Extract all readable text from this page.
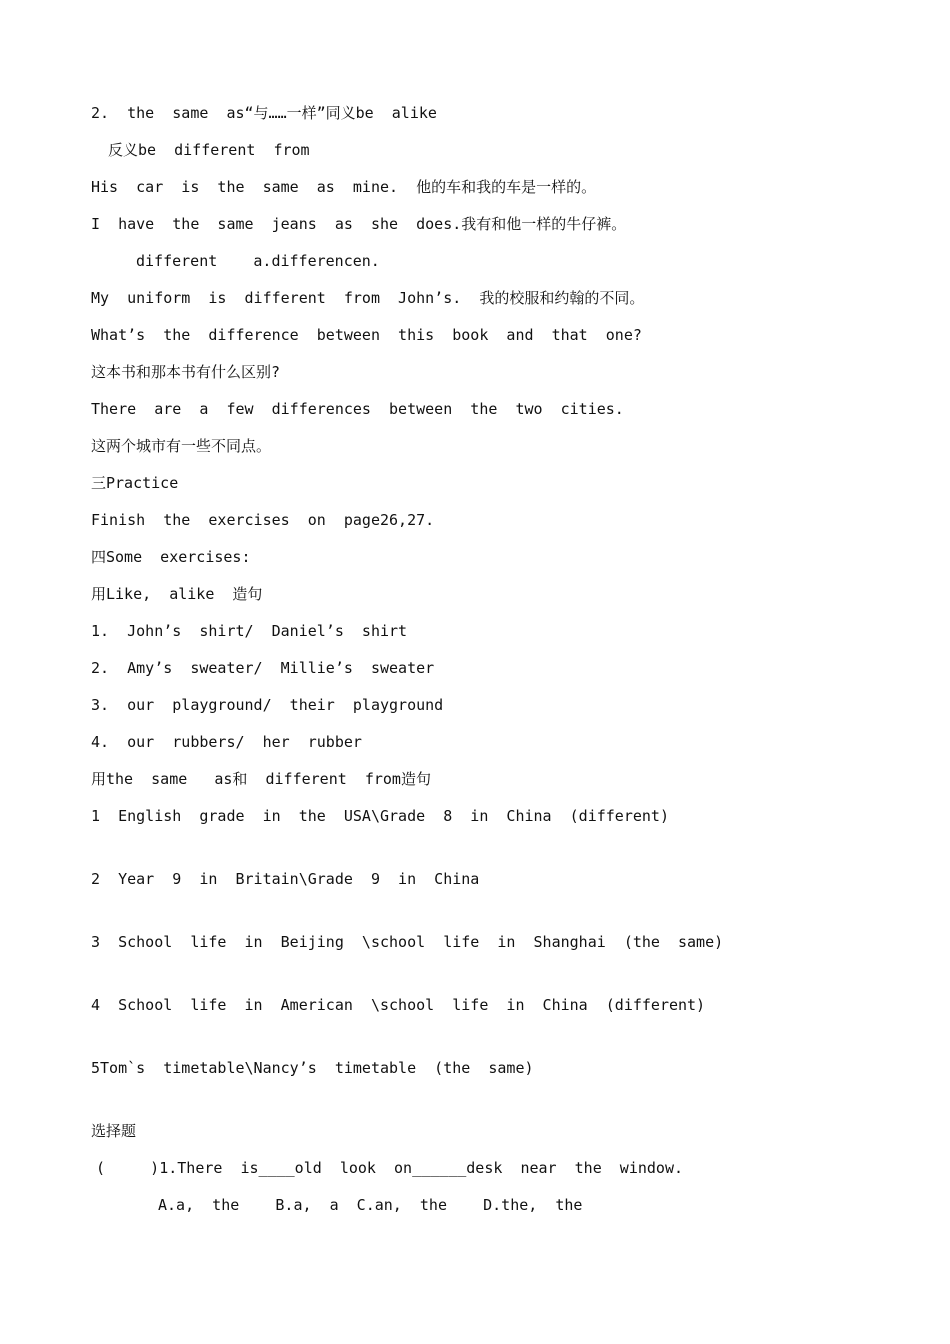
2.  the  same  as“与……一样”同义be  alike
反义be  different  from
His  car  is  the  same  as  mine.  他的车和我的车是一样的。
I  have  the  same  jeans  as  she  does.我有和他一样的牛仔裤。
different    a.differencen.
My  uniform  is  different  from  John’s.  我的校服和约翰的不同。
What’s  the  difference  between  this  book  and  that  one?
这本书和那本书有什么区别?
There  are  a  few  differences  between  the  two  cities.
这两个城市有一些不同点。
三Practice
Finish  the  exercises  on  page26,27.
四Some  exercises:
用Like,  alike  造句
1.  John’s  shirt/  Daniel’s  shirt
2.  Amy’s  sweater/  Millie’s  sweater
3.  our  playground/  their  playground
4.  our  rubbers/  her  rubber
用the  same   as和  different  from造句
1  English  grade  in  the  USA\Grade  8  in  China  (different)
2  Year  9  in  Britain\Grade  9  in  China
3  School  life  in  Beijing  \school  life  in  Shanghai  (the  same)
4  School  life  in  American  \school  life  in  China  (different)
5Tom`s  timetable\Nancy’s  timetable  (the  same)
选择题
(     )1.There  is____old  look  on______desk  near  the  window.
A.a,  the    B.a,  a  C.an,  the    D.the,  the
